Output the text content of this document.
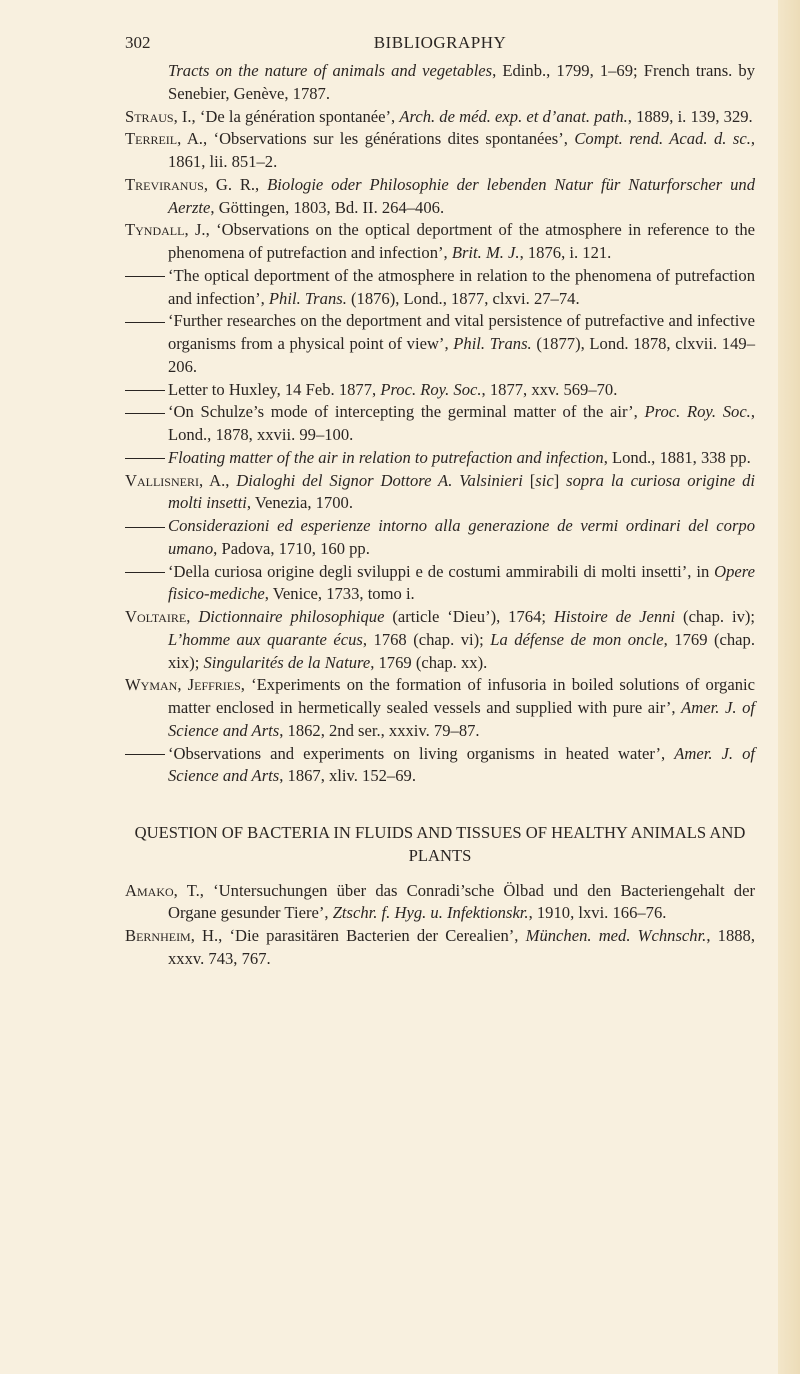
302	BIBLIOGRAPHY

Tracts on the nature of animals and vegetables, Edinb., 1799, 1–69; French trans. by Senebier, Genève, 1787.

Straus, I., ‘De la génération spontanée’, Arch. de méd. exp. et d’anat. path., 1889, i. 139, 329.

Terreil, A., ‘Observations sur les générations dites spontanées’, Compt. rend. Acad. d. sc., 1861, lii. 851–2.

Treviranus, G. R., Biologie oder Philosophie der lebenden Natur für Naturforscher und Aerzte, Göttingen, 1803, Bd. II. 264–406.

Tyndall, J., ‘Observations on the optical deportment of the atmosphere in reference to the phenomena of putrefaction and infection’, Brit. M. J., 1876, i. 121.

‘The optical deportment of the atmosphere in relation to the phenomena of putrefaction and infection’, Phil. Trans. (1876), Lond., 1877, clxvi. 27–74.

‘Further researches on the deportment and vital persistence of putrefactive and infective organisms from a physical point of view’, Phil. Trans. (1877), Lond. 1878, clxvii. 149–206.

Letter to Huxley, 14 Feb. 1877, Proc. Roy. Soc., 1877, xxv. 569–70.

‘On Schulze’s mode of intercepting the germinal matter of the air’, Proc. Roy. Soc., Lond., 1878, xxvii. 99–100.

Floating matter of the air in relation to putrefaction and infection, Lond., 1881, 338 pp.

Vallisneri, A., Dialoghi del Signor Dottore A. Valsinieri [sic] sopra la curiosa origine di molti insetti, Venezia, 1700.

Considerazioni ed esperienze intorno alla generazione de vermi ordinari del corpo umano, Padova, 1710, 160 pp.

‘Della curiosa origine degli sviluppi e de costumi ammirabili di molti insetti’, in Opere fisico-mediche, Venice, 1733, tomo i.

Voltaire, Dictionnaire philosophique (article ‘Dieu’), 1764; Histoire de Jenni (chap. iv); L’homme aux quarante écus, 1768 (chap. vi); La défense de mon oncle, 1769 (chap. xix); Singularités de la Nature, 1769 (chap. xx).

Wyman, Jeffries, ‘Experiments on the formation of infusoria in boiled solutions of organic matter enclosed in hermetically sealed vessels and supplied with pure air’, Amer. J. of Science and Arts, 1862, 2nd ser., xxxiv. 79–87.

‘Observations and experiments on living organisms in heated water’, Amer. J. of Science and Arts, 1867, xliv. 152–69.

QUESTION OF BACTERIA IN FLUIDS AND TISSUES OF HEALTHY ANIMALS AND PLANTS

Amako, T., ‘Untersuchungen über das Conradi’sche Ölbad und den Bacteriengehalt der Organe gesunder Tiere’, Ztschr. f. Hyg. u. Infektionskr., 1910, lxvi. 166–76.

Bernheim, H., ‘Die parasitären Bacterien der Cerealien’, München. med. Wchnschr., 1888, xxxv. 743, 767.
